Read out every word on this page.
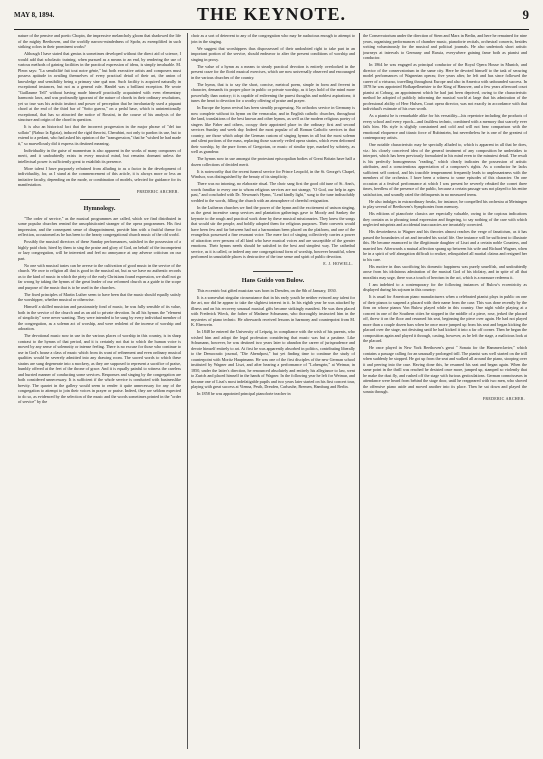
MAY 8, 1894.	THE KEYNOTE.	9

nature of the pensive and poetic Chopin, the impressive melancholy gloom that shadowed the life of the mighty Beethoven, and the worldly narrow-mindedness of Spohr, as exemplified in such striking colors in their prominent works?

Although I have stated that genius is sometimes developed without the direct aid of science, I would add that scholastic training, when pursued as a means to an end, by rendering the use of various methods of gaining facilities in the practical expression of ideas, is simply invaluable. M. Pleon says: "La sensibilité fait tout notre génie," but both executive artists and composers must possess aptitude in availing themselves of every practical detail of their art, the union of knowledge and sensibility being a primary sine quâ non. Such facility is acquired naturally in exceptional instances, but not as a general rule. Handel was a brilliant exception. He wrote "Guillaume Tell" without having made himself practically acquainted with even elementary harmonic laws, and was profoundly ignorant of the nature of chords in their ordinary resolutions, yet so true was his artistic instinct and power of perception that he involuntarily used a piquant chord at the end of the third bar of "Sotto guerra," on a pedal base, which is unintentionally exceptional, that has so attracted the notice of Rossini, in the course of his analysis of the structure and origin of the chord in question.

It is also an historical fact that the incorrect progression in the major phrase of "del tuo sollato" (Nabuo la Egizia), induced the rigid theorist, Cherubini, not only to pardon its use, but to extend to a pedant, who had asked his opinion of the "transgression," that he "wished he had made it," so marvellously did it express its destined meaning.

Individuality in the guise of mannerism is also apparent in the works of many composers of merit, and it undoubtedly exists in every musical mind, but remains dormant unless the intellectual power is sufficiently great to establish its presence.

More talent I have purposely refrained from alluding to as a factor in the development of individuality, for, as I stand at the commencement of this article, it is always more or less an imitative faculty, depending on the mode, or combination of models, selected for guidance for its manifestation.

FREDERIC ARCHER.
Hymnology.

"The order of service," as the musical programmes are called, which we find distributed in some popular churches remind the unsophisticated stranger of the opera programmes. His first impression, and the consequent sense of disappointment, provide him with a fruitful theme for reflection, accustomed as he has been to the hearty congregational church music of the old world.

Possibly the musical directors of these Sunday performances, satisfied in the possession of a highly paid choir, hired by them to sing the praise and glory of God, on behalf of the incompetent or lazy congregation, will be interested and feel no annoyance at any adverse criticism on our part.

No one with musical tastes can be averse to the cultivation of good music in the service of the church. We owe to religion all that is good in the musical art, but as we have no authentic records as to the kind of music in which the piety of the early Christians found expression, we shall not go far wrong by taking the hymns of the great leader of our reformed church as a guide to the scope and purpose of the music that is to be used in the churches.

The fixed principles of Martin Luther seem to have been that the music should equally satisfy the worshipper, whether musical or otherwise.

Himself a skilled musician and passionately fond of music, he was fully sensible of its value, both in the service of the church and as an aid to private devotion. In all his hymns the "element of simplicity" were never wanting. They were intended to be sung by every individual member of the congregation, as a solemn act of worship, and were redolent of the incense of worship and adoration.

The devotional music now in use in the various places of worship in this country, is in sharp contrast to the hymns of that period, and it is certainly not that to which the human voice is moved by any sense of solemnity or intense feeling. There is no excuse for those who continue to use in God's house a class of music which from its want of refinement and even ordinary musical qualities would be severely admitted into any drawing room. The sacred words to which these strains are sung degenerate into a mockery, as they are supposed to represent a sacrifice of praise, humbly offered at the feet of the throne of grace. And it is equally painful to witness the careless and hurried manner of conducting some services. Responses and singing by the congregation are both considered unnecessary. It is sufficient if the whole service is conducted with businesslike brevity. The quartet in the gallery would seem to render it quite unnecessary for any of the congregation to attempt to join their voices in prayer or praise. Indeed, they are seldom expected to do so, as evidenced by the selection of the music and the words sometimes printed in the "order of service" by the

choir as a sort of deterrent to any of the congregation who may be audacious enough to attempt to join in the singing.

We suggest that worshippers thus dispossessed of their undoubted right to take part in an important portion of the service, should endeavor to alter the present conditions of worship and singing in proxy.

The value of a hymn as a means to steady practical devotion is entirely overlooked in the present craze for the florid musical exercises, which are now universally observed and encouraged in the various churches of the country.

The hymn, that is to say the short, concise, metrical poem, simple in form and fervent in character, demands its proper place in public or private worship, as it lays hold of the mind more powerfully than oratory; it is capable of enlivening the purest thoughts and noblest aspirations; it tunes the heart to devotion for a worthy offering of praise and prayer.

In Europe the hymn revival has been steadily progressing. No orthodox service in Germany is now complete without its hymn on the vernacular, and in English catholic churches, throughout the land, translations of the best known and other hymns, as well as the modern religious poetry of singers like Faber and others, occupy their appointed place in the ordinary first and second services Sunday and week day. Indeed the most popular of all Roman Catholic services in that country, are those which adopt the German custom of singing hymns in all but the most solemn and silent portions of the mass, replacing those scarcely veiled opera strains, which even deformed their worship, by the pure forms of Gregorian, or music of similar type, marked by sobriety, as well as grandeur.

The hymns now in use amongst the protestant episcopalian bodies of Great Britain have half a dozen collections of decided merit.

It is noteworthy that the recent funeral service for Prince Leopold, in the St. George's Chapel, Windsor, was distinguished by the beauty of its simplicity.

There was no intoning, no elaborate ritual. The choir sang first the good old tune of St. Ann's, words familiar to every one to whom religious services are not strange, "O God, our help in ages past," and concluded with Dr. Newman's Hymn, "Lead kindly light," sung to the tune indissolubly wedded to the words, filling the church with an atmosphere of cheerful resignation.

In the Lutheran churches we find the power of the hymn and the excitement of unison singing, as the great incentive camp services and plantation gatherings gave to Moody and Sankey the keynote to the rough and practical work done by these musical missionaries. They knew the songs that would stir the people, and boldly adopted them for religious purposes. Their converts would have been few and far between had not a harmonium been placed on the platform, and one of the evangelists possessed a fine resonant voice. The mere fact of singing collectively carries a power of attraction over persons of all kind who have musical voices and are susceptible of the greater emotions. Their hymns needs should be satisfied in the best and simplest way. The cathedral service, as it is called, or indeed any one congregational form of worship, however beautiful, when performed in unsuitable places is destructive of the true sense and spirit of public devotion.

E. J. HOWELL.
Hans Guido von Bulow.

This eccentric but gifted musician was born in Dresden, on the 8th of January, 1830.

It is a somewhat singular circumstance that in his early youth he neither evinced any talent for the art, nor did he appear to take the slightest interest in it. In his eighth year he was attacked by illness and on his recovery unusual musical gifts became strikingly manifest. He was then placed with Frederick Wieck, the father of Madame Schumann, who thoroughly instructed him in the mysteries of piano technic. He afterwards received lessons in harmony and counterpoint from M. K. Eberwein.

In 1848 he entered the University of Leipzig, in compliance with the wish of his parents, who wished him and adopt the legal profession considering that music was but a pastime. Like Schumann, however, he was destined two years later to abandon the career of jurisprudence and devote himself entirely to art. At first he was apparently absorbed in politics, contributing liberally to the Democratic journal, "Die Abendpost," but yet finding time to continue the study of counterpoint with Moritz Hauptmann. He was one of the first disciples of the new German school instituted by Wagner and Liszt, and after hearing a performance of "Lohengrin," at Weimar, in 1850, under the latter's direction, he renounced absolutely and entirely his allegiance to law, went to Zurich and placed himself in the hands of Wagner. In the following year he left for Weimar, and became one of Liszt's most indefatigable pupils and two years later started on his first concert tour, playing with great success at Vienna, Pesth, Dresden, Carlsruhe, Bremen, Hamburg and Berlin.

In 1858 he was appointed principal pianoforte teacher in

the Conservatorium under the direction of Stern and Marx in Berlin, and here he remained for nine years, organising performances of chamber music, pianoforte recitals, orchestral concerts, besides writing voluminously for the musical and political journals. He also undertook short artistic journeys at intervals to Germany and Russia, everywhere gaining fame both as pianist and conductor.

In 1864 he was engaged as principal conductor of the Royal Opera House in Munich, and director of the conservatorium in the same city. Here he devoted himself to the task of securing model performances of Wagnerian operas; five years after, he left and has since followed the career of a virtuoso, travelling throughout Europe and also in America with unbounded success. In 1878 he was appointed Hofkapellmeister to the King of Hanover, and a few years afterward court pianist at Coburg, an appointment which he had just been deprived, owing to the characteristic method he adopted of publicly informing the musical world at large that his admiration of the professional ability of Herr Hulsen, Court opera director, was not exactly in accordance with that individual's estimate of his own worth.

As a pianist he is remarkable alike for his versatility—his repertoire including the products of every school and every epoch—and faultless technic, combined with a memory that scarcely ever fails him. His style is slightly constrained and cold and will not bear comparison with the emotional eloquence and titanic force of Rubinstein, but nevertheless he is one of the greatest of contemporary artists.

One notable characteristic may be specially alluded to, which is apparent in all that he does, viz.: his closely conceived idea of the general treatment of any composition he undertakes to interpret, which has been previously formulated in his mind even to the minutest detail. The result is his perfectly homogeneous "reading," which clearly indicates the possession of artistic attributes, and a conscientious appreciation of a composer's rights. As a conductor he lacks sufficient self control, and his irascible temperament frequently leads to unpleasantness with the members of the orchestra. I have been a witness to some episodes of this character. On one occasion at a festival performance at which I was present he severely rebuked the cornet three times, heedless of the presence of the public, because a certain passage was not played to his entire satisfaction, and soundly rated the delinquents in no measured terms.

He also indulges in extraordinary freaks, for instance, he compelled his orchestra at Meiningen to play several of Beethoven's Symphonies from memory.

His editions of pianoforte classics are especially valuable, owing to the copious indications they contain as to phrasing tonal expression and fingering, to say nothing of the care with which neglected misprints and accidental inaccuracies are invariably corrected.

His devotedness to Wagner and his theories almost reaches the verge of fanaticism, as it has passed the boundaries of art and invaded his social life. One instance will be sufficient to illustrate this. He became enamored to the illegitimate daughter of Liszt and a certain noble Countess, and married her. Afterwards a mutual affection sprang up between his wife and Richard Wagner, when he in a spirit of self abnegation difficult to realize, relinquished all marital claims and resigned her to his care.

His motive in thus sacrificing his domestic happiness was purely unselfish, and undoubtedly arose from his idolatrous admiration of the musical God of his idolatry, and in spite of all that moralists may urge, there was a touch of heroism in the act, which is a measure redeems it.

I am indebted to a contemporary for the following instances of Bulow's eccentricity as displayed during his sojourn in this country:

It is usual for American piano manufacturers when a celebrated pianist plays in public on one of their pianos to suspend a placard with their name from the case. This was done recently by the firm on whose pianos Von Bulow played while in this country. One night while playing at a concert in one of the Southern cities he stopped in the middle of a piece, rose, jerked the placard off, threw it on the floor and resumed his seat, beginning the piece over again. He had not played more than a couple dozen bars when he once more jumped up from his seat and began kicking the placard over the stage, not desisting until he had kicked it into a far off corner. Then he began the composition again and played it through, casting, however, as he left the stage, a malicious look at the placard.

He once played in New York Beethoven's great " Sonata for the Hammerclavier," which contains a passage calling for an unusually prolonged trill. The pianist was well started on the trill when suddenly he stopped. He got up from the seat and walked all around the piano, stooping over it and peering into the case. Having done this, he resumed his seat and began again. When the same point in the thrill was reached he desisted once more, jumped up, stamped so violently that he make the dust fly, and rushed off the stage with furious gesticulations. German connoisseurs in attendance were heard from behind the stage door, until he reappeared with two men, who shoved the offensive piano aside and moved another into its place. Then he sat down and played the sonata through.

FREDERIC ARCHER.
